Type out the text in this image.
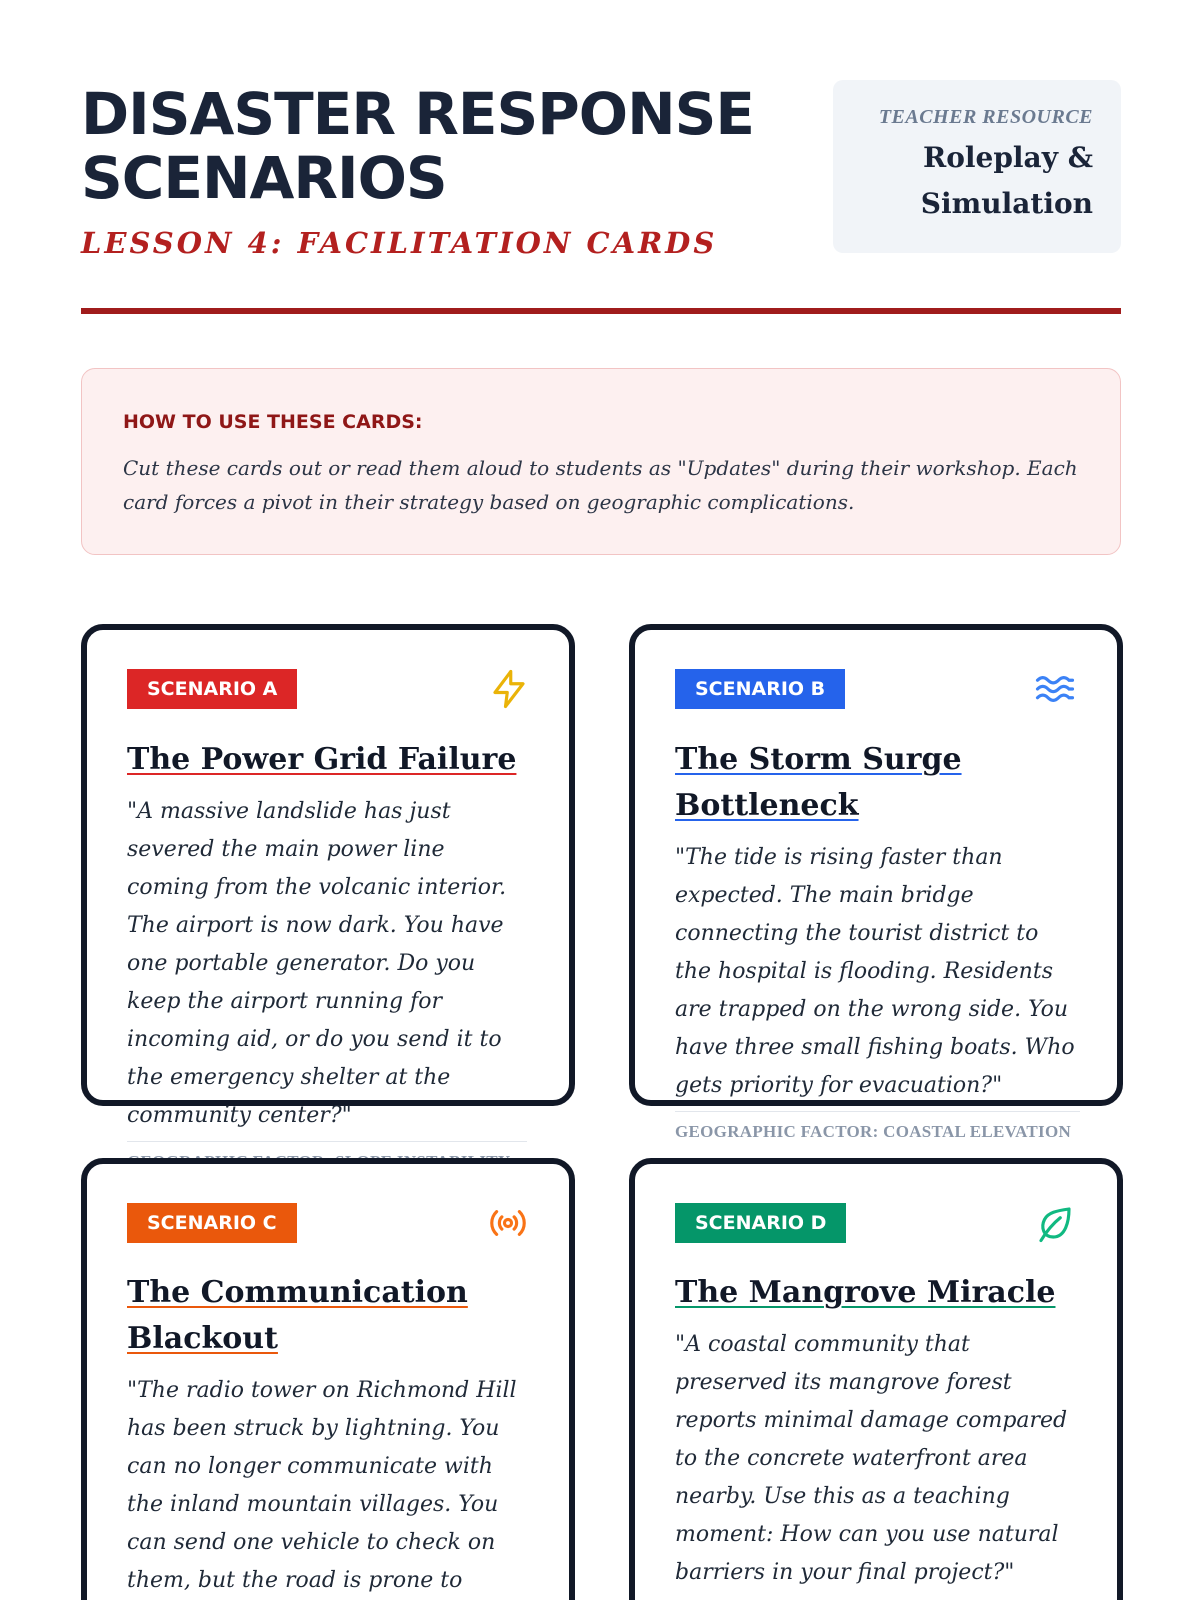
DISASTER RESPONSE SCENARIOS
LESSON 4: FACILITATION CARDS
TEACHER RESOURCE
Roleplay & Simulation
HOW TO USE THESE CARDS:
Cut these cards out or read them aloud to students as "Updates" during their workshop. Each card forces a pivot in their strategy based on geographic complications.
SCENARIO A	SCENARIO B
The Power Grid Failure
"A massive landslide has just severed the main power line coming from the volcanic interior. The airport is now dark. You have one portable generator. Do you keep the airport running for incoming aid, or do you send it to the emergency shelter at the community center?"
The Storm Surge Bottleneck
"The tide is rising faster than expected. The main bridge connecting the tourist district to the hospital is flooding. Residents are trapped on the wrong side. You have three small fishing boats. Who gets priority for evacuation?"
GEOGRAPHIC FACTOR: COASTAL ELEVATION
SCENARIO C	SCENARIO D
The Communication Blackout
"The radio tower on Richmond Hill has been struck by lightning. You can no longer communicate with the inland mountain villages. You can send one vehicle to check on them, but the road is prone to
The Mangrove Miracle
"A coastal community that preserved its mangrove forest reports minimal damage compared to the concrete waterfront area nearby. Use this as a teaching moment: How can you use natural barriers in your final project?"
